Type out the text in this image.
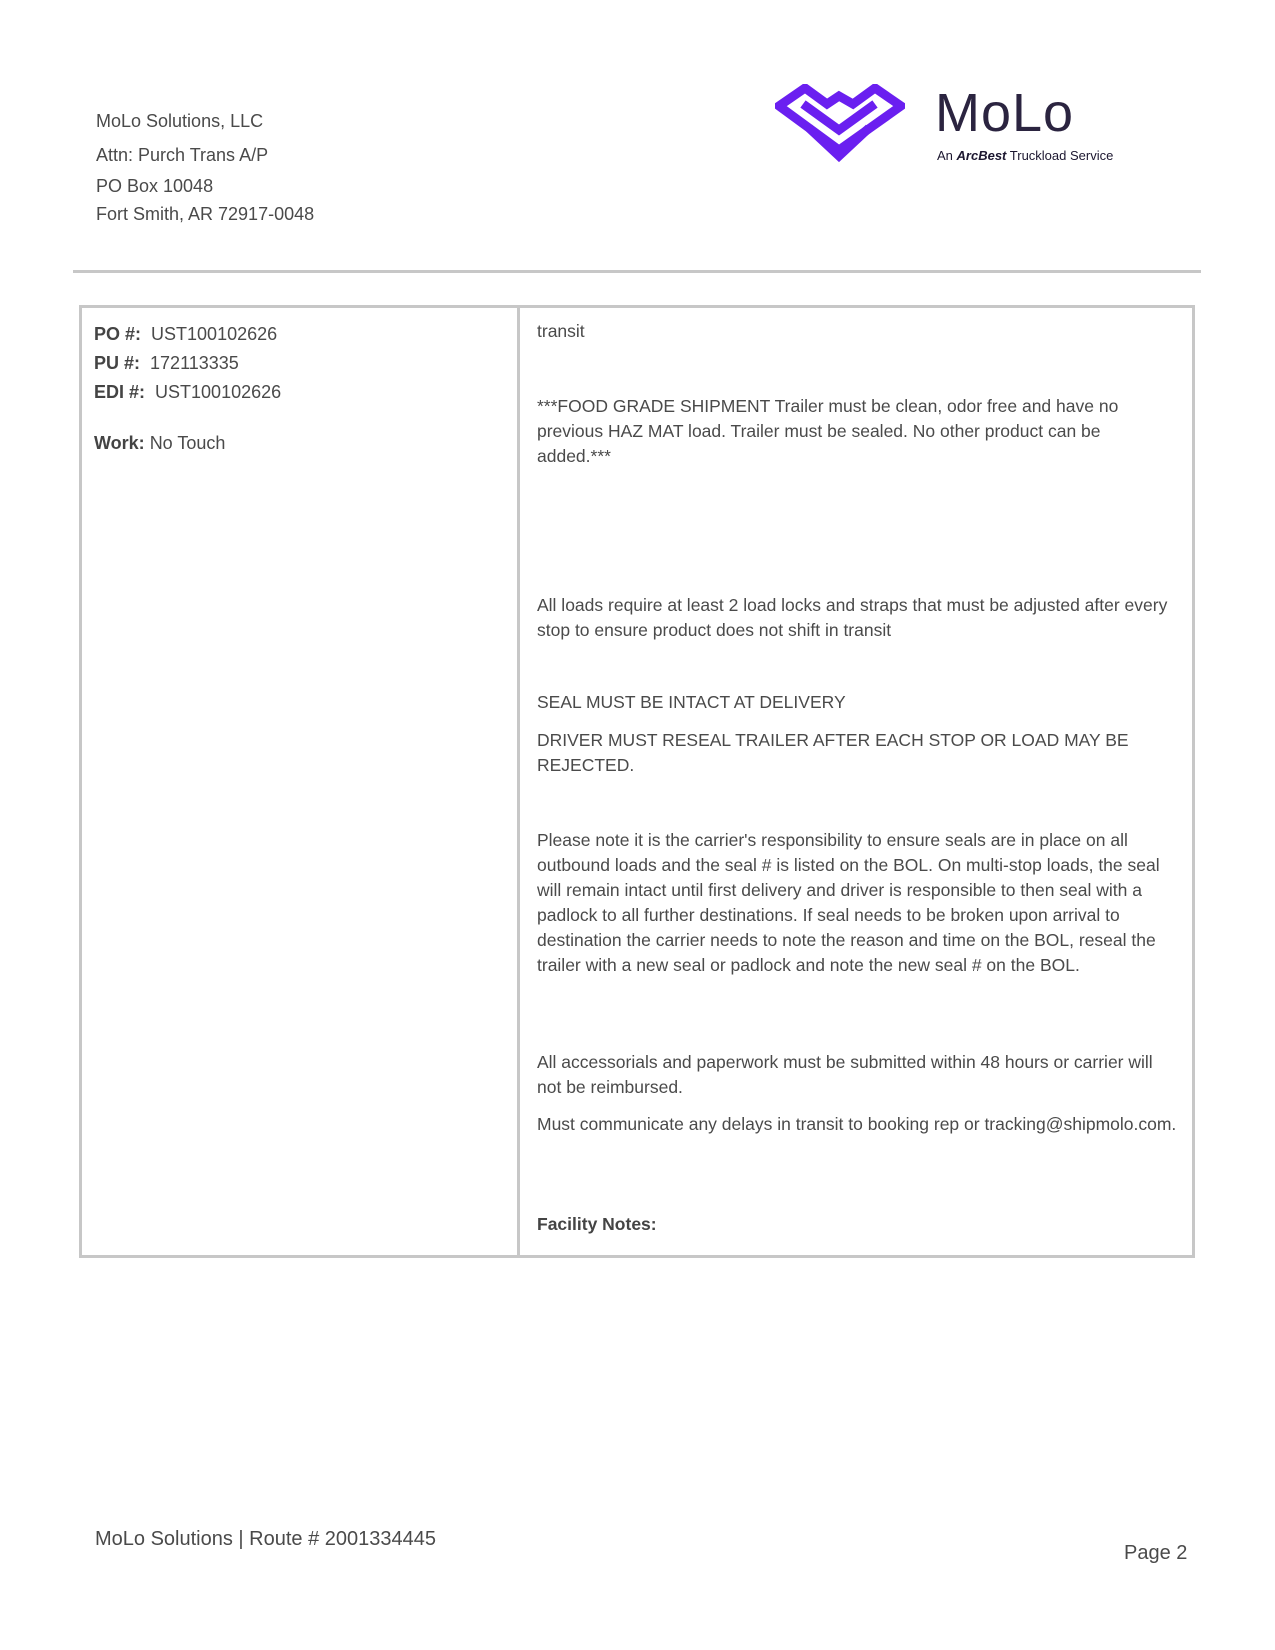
MoLo Solutions, LLC
Attn: Purch Trans A/P
PO Box 10048
Fort Smith, AR 72917-0048
MoLo
An ArcBest Truckload Service
PO #: UST100102626
PU #: 172113335
EDI #: UST100102626
Work: No Touch
transit
***FOOD GRADE SHIPMENT Trailer must be clean, odor free and have no previous HAZ MAT load. Trailer must be sealed. No other product can be added.***
All loads require at least 2 load locks and straps that must be adjusted after every stop to ensure product does not shift in transit
SEAL MUST BE INTACT AT DELIVERY
DRIVER MUST RESEAL TRAILER AFTER EACH STOP OR LOAD MAY BE REJECTED.
Please note it is the carrier's responsibility to ensure seals are in place on all outbound loads and the seal # is listed on the BOL. On multi-stop loads, the seal will remain intact until first delivery and driver is responsible to then seal with a padlock to all further destinations. If seal needs to be broken upon arrival to destination the carrier needs to note the reason and time on the BOL, reseal the trailer with a new seal or padlock and note the new seal # on the BOL.
All accessorials and paperwork must be submitted within 48 hours or carrier will not be reimbursed.
Must communicate any delays in transit to booking rep or tracking@shipmolo.com.
Facility Notes:
MoLo Solutions | Route # 2001334445
Page 2
